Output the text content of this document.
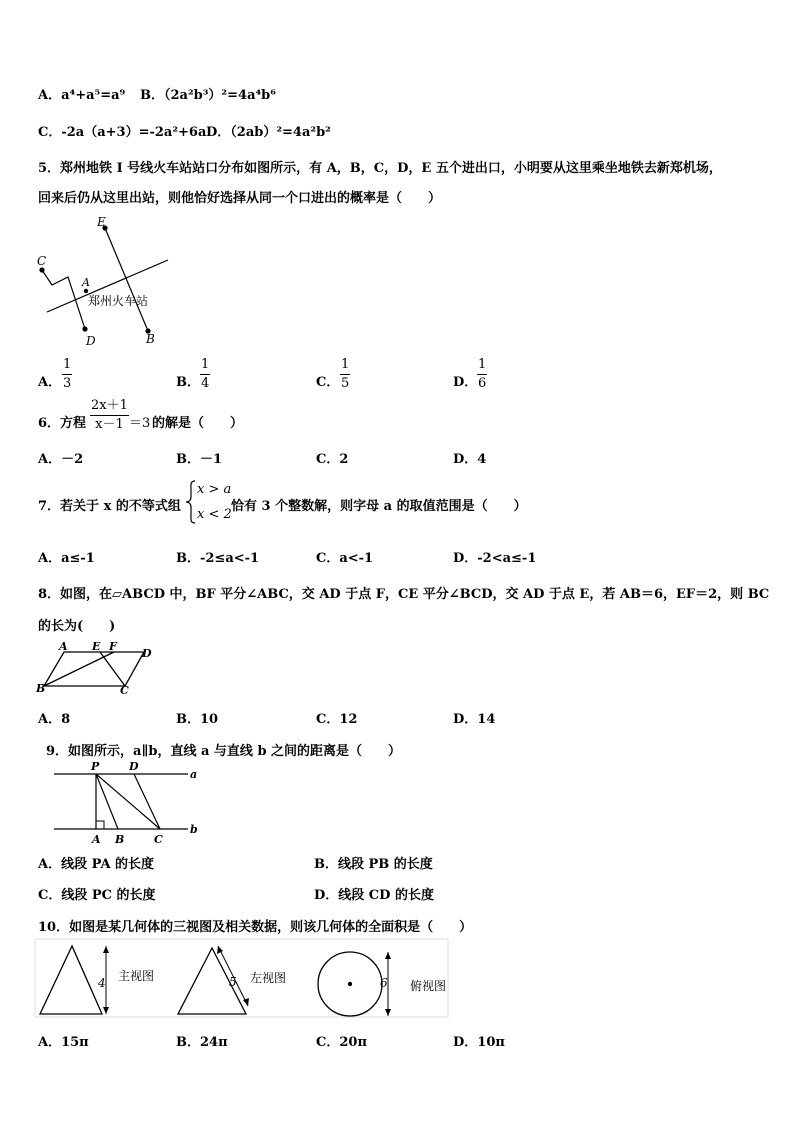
A．a⁴+a⁵=a⁹ B．（2a²b³）²=4a⁴b⁶
C．-2a（a+3）=-2a²+6a D．（2ab）²=4a²b²
5．郑州地铁 I 号线火车站站口分布如图所示，有 A，B，C，D，E 五个进出口，小明要从这里乘坐地铁去新郑机场，
回来后仍从这里出站，则他恰好选择从同一个口进出的概率是（　　）
E
C
A
D	B
郑州火车站
A．
1
3	B．
1
4	C．
1
5	D．
1
6
6．方程
2x＋1
x－1 ＝3 的解是（　　）
A．－2	B．－1	C．2	D．4
7．若关于 x 的不等式组
x > a
x < 2
恰有 3 个整数解，则字母 a 的取值范围是（　　）
A．a≤-1	B．-2≤a<-1	C．a<-1	D．-2<a≤-1
8．如图，在▱ABCD 中，BF 平分∠ABC，交 AD 于点 F，CE 平分∠BCD，交 AD 于点 E，若 AB＝6，EF＝2，则 BC
的长为(　　)
A E F
D
B	C
A．8	B．10	C．12	D．14
9．如图所示，a∥b，直线 a 与直线 b 之间的距离是（　　）
P	D
a
b
A B	C
A．线段 PA 的长度	B．线段 PB 的长度
C．线段 PC 的长度	D．线段 CD 的长度
10．如图是某几何体的三视图及相关数据，则该几何体的全面积是（　　）
4 主视图	5 左视图	6 俯视图
A．15π	B．24π	C．20π	D．10π
